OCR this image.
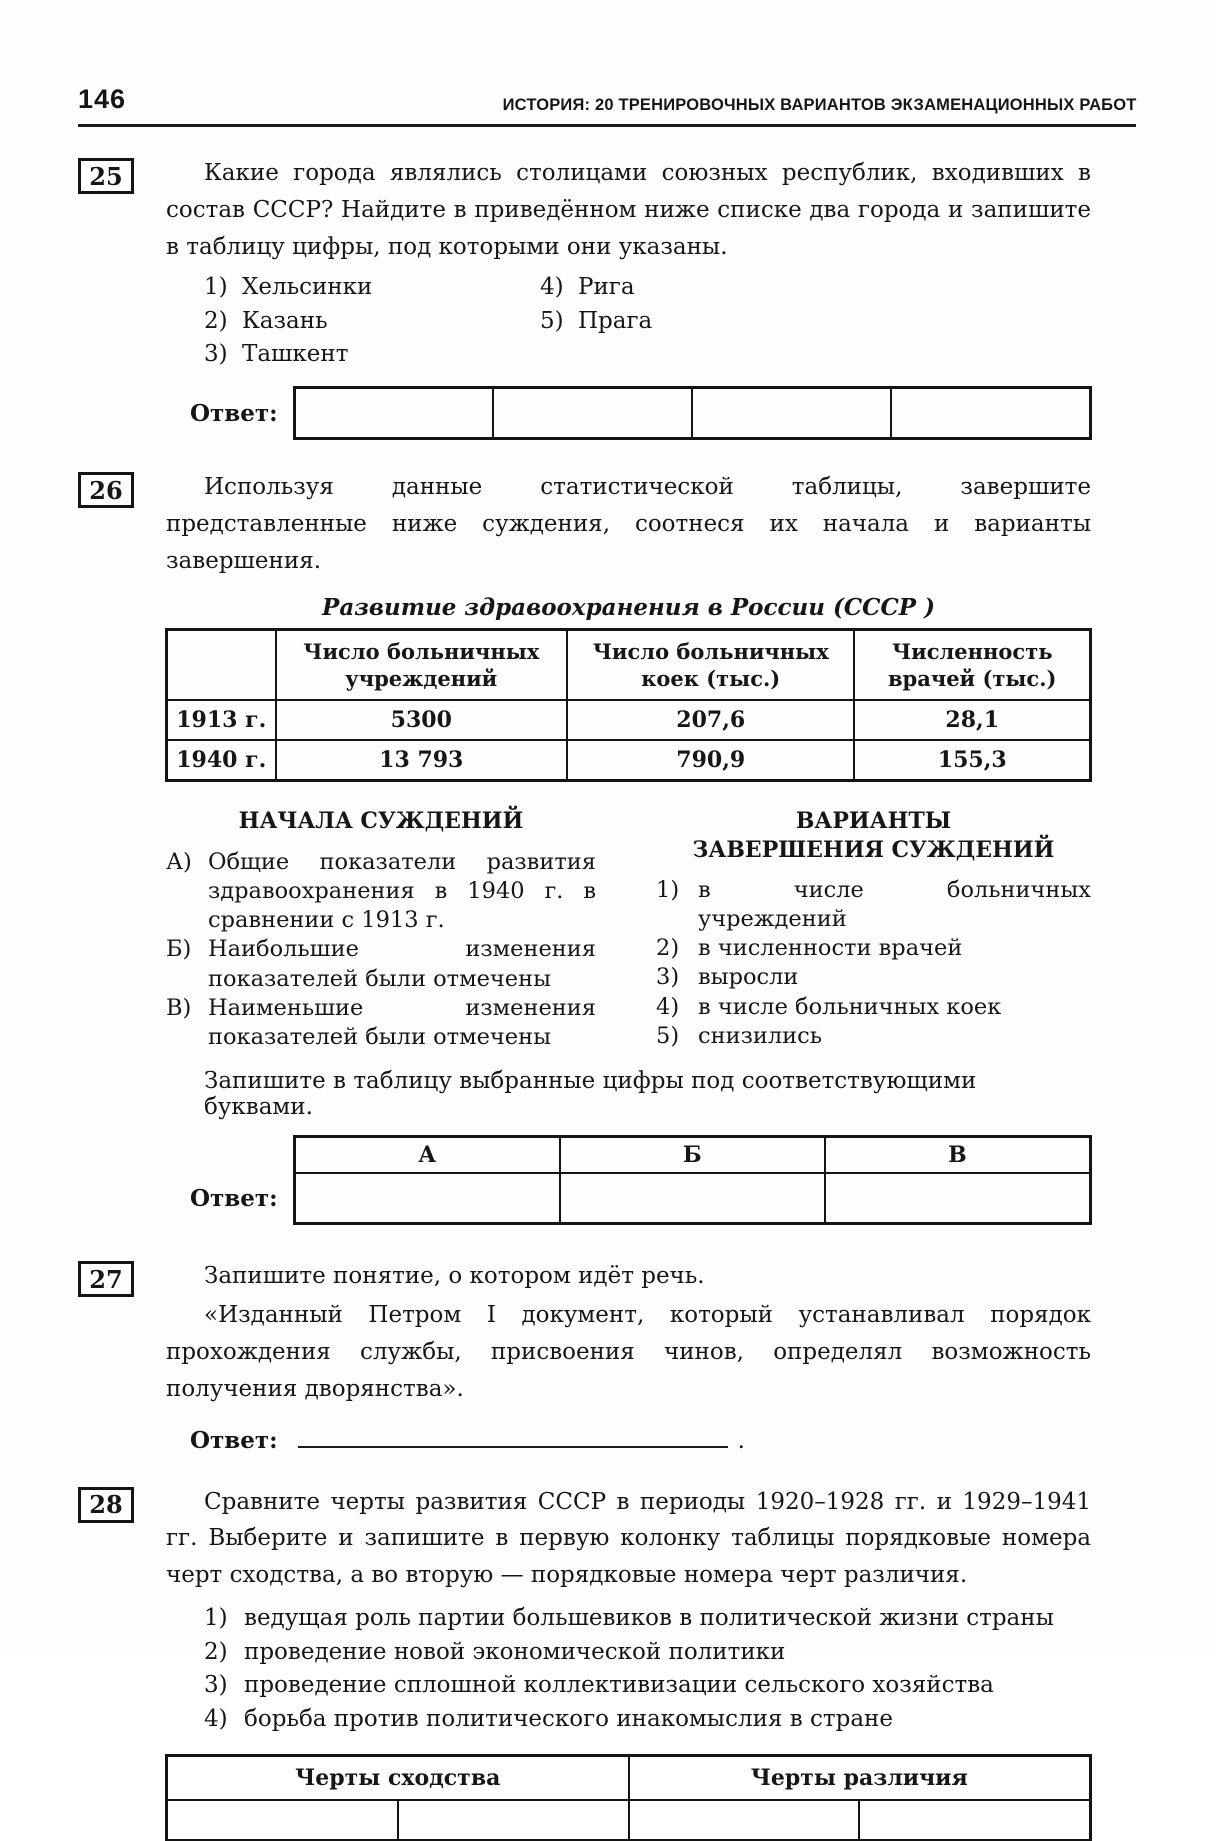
146	ИСТОРИЯ: 20 ТРЕНИРОВОЧНЫХ ВАРИАНТОВ ЭКЗАМЕНАЦИОННЫХ РАБОТ
25	Какие города являлись столицами союзных республик, входивших в состав СССР? Найдите в приведённом ниже списке два города и запишите в таблицу цифры, под которыми они указаны.

1) Хельсинки	4) Рига
2) Казань	5) Прага
3) Ташкент
Ответ:

26	Используя данные статистической таблицы, завершите представленные ниже суждения, соотнеся их начала и варианты завершения.

Развитие здравоохранения в России (СССР )
	Число больничных учреждений	Число больничных коек (тыс.)	Численность врачей (тыс.)
1913 г.	5300	207,6	28,1
1940 г.	13 793	790,9	155,3
НАЧАЛА СУЖДЕНИЙ
А) Общие показатели развития здравоохранения в 1940 г. в сравнении с 1913 г.
Б) Наибольшие изменения показателей были отмечены
В) Наименьшие изменения показателей были отмечены
ВАРИАНТЫ
ЗАВЕРШЕНИЯ СУЖДЕНИЙ
1) в числе больничных учреждений
2) в численности врачей
3) выросли
4) в числе больничных коек
5) снизились

Запишите в таблицу выбранные цифры под соответствующими буквами.

Ответ:
А	Б	В

27	Запишите понятие, о котором идёт речь.

«Изданный Петром I документ, который устанавливал порядок прохождения службы, присвоения чинов, определял возможность получения дворянства».

Ответ:	.
28	Сравните черты развития СССР в периоды 1920–1928 гг. и 1929–1941 гг. Выберите и запишите в первую колонку таблицы порядковые номера черт сходства, а во вторую — порядковые номера черт различия.

1) ведущая роль партии большевиков в политической жизни страны
2) проведение новой экономической политики
3) проведение сплошной коллективизации сельского хозяйства
4) борьба против политического инакомыслия в стране
Черты сходства		Черты различия	
